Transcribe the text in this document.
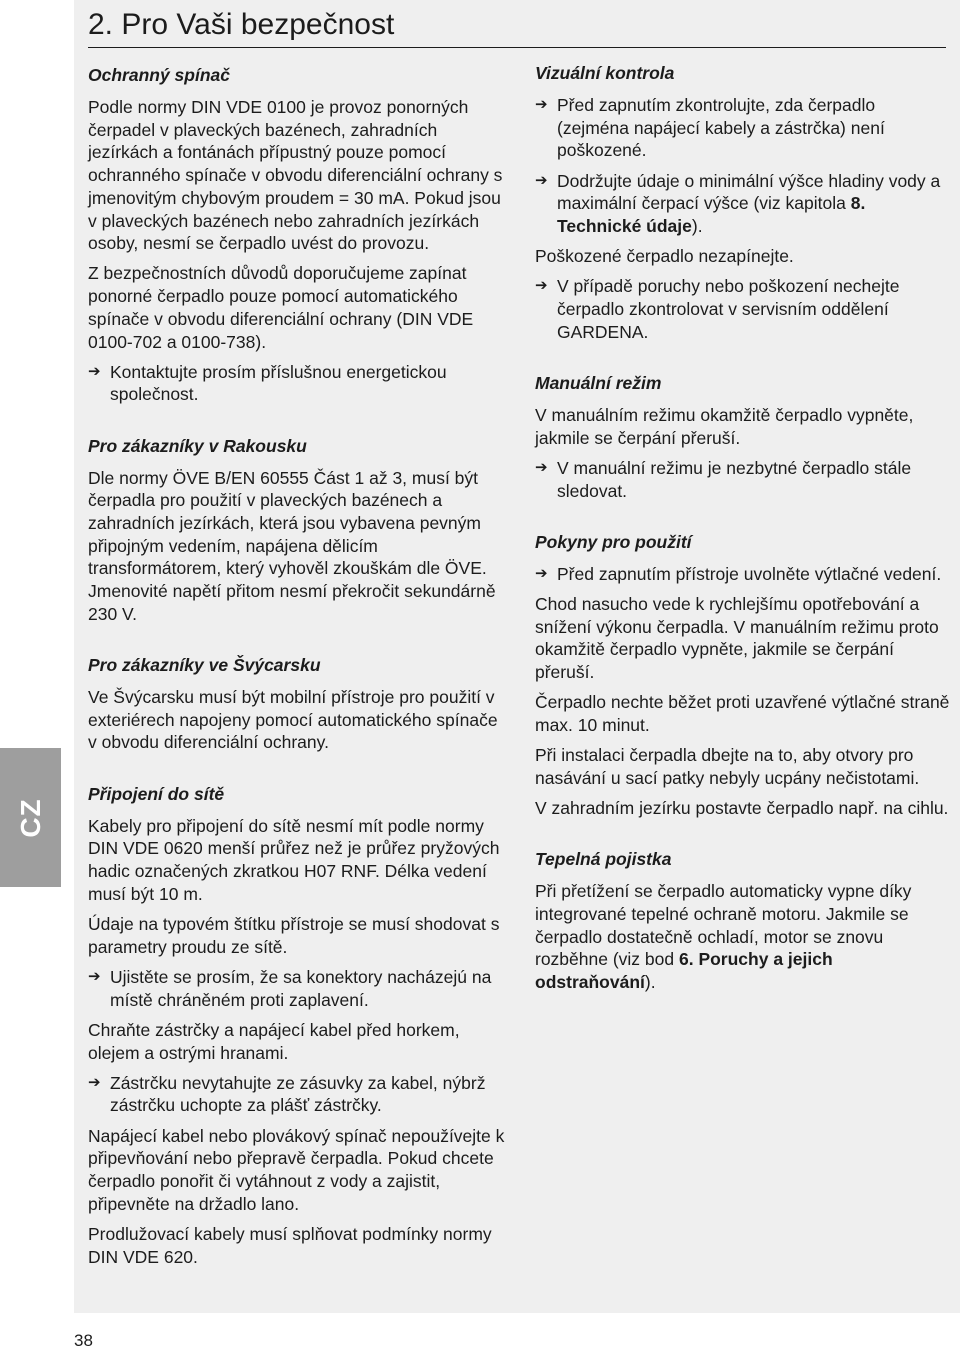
2. Pro Vaši bezpečnost
CZ
Ochranný spínač
Podle normy DIN VDE 0100 je provoz ponorných čerpadel v plaveckých bazénech, zahradních jezírkách a fontánách přípustný pouze pomocí ochranného spínače v obvodu diferenciální ochrany s jmenovitým chybovým proudem = 30 mA. Pokud jsou v plaveckých bazénech nebo zahradních jezírkách osoby, nesmí se čerpadlo uvést do provozu.
Z bezpečnostních důvodů doporučujeme zapínat ponorné čerpadlo pouze pomocí automatického spínače v obvodu diferenciální ochrany (DIN VDE 0100-702 a 0100-738).
➔ Kontaktujte prosím příslušnou energetickou společnost.
Pro zákazníky v Rakousku
Dle normy ÖVE B/EN 60555 Část 1 až 3, musí být čerpadla pro použití v plaveckých bazénech a zahradních jezírkách, která jsou vybavena pevným připojným vedením, napájena dělicím transformátorem, který vyhověl zkouškám dle ÖVE. Jmenovité napětí přitom nesmí překročit sekundárně 230 V.
Pro zákazníky ve Švýcarsku
Ve Švýcarsku musí být mobilní přístroje pro použití v exteriérech napojeny pomocí automatického spínače v obvodu diferenciální ochrany.
Připojení do sítě
Kabely pro připojení do sítě nesmí mít podle normy DIN VDE 0620 menší průřez než je průřez pryžových hadic označených zkratkou H07 RNF. Délka vedení musí být 10 m.
Údaje na typovém štítku přístroje se musí shodovat s parametry proudu ze sítě.
➔ Ujistěte se prosím, že sa konektory nacházejú na místě chráněném proti zaplavení.
Chraňte zástrčky a napájecí kabel před horkem, olejem a ostrými hranami.
➔ Zástrčku nevytahujte ze zásuvky za kabel, nýbrž zástrčku uchopte za plášť zástrčky.
Napájecí kabel nebo plovákový spínač nepoužívejte k připevňování nebo přepravě čerpadla. Pokud chcete čerpadlo ponořit či vytáhnout z vody a zajistit, připevněte na držadlo lano.
Prodlužovací kabely musí splňovat podmínky normy DIN VDE 620.
Vizuální kontrola
➔ Před zapnutím zkontrolujte, zda čerpadlo (zejména napájecí kabely a zástrčka) není poškozené.
➔ Dodržujte údaje o minimální výšce hladiny vody a maximální čerpací výšce (viz kapitola 8. Technické údaje).
Poškozené čerpadlo nezapínejte.
➔ V případě poruchy nebo poškození nechejte čerpadlo zkontrolovat v servisním oddělení GARDENA.
Manuální režim
V manuálním režimu okamžitě čerpadlo vypněte, jakmile se čerpání přeruší.
➔ V manuální režimu je nezbytné čerpadlo stále sledovat.
Pokyny pro použití
➔ Před zapnutím přístroje uvolněte výtlačné vedení.
Chod nasucho vede k rychlejšímu opotřebování a snížení výkonu čerpadla. V manuálním režimu proto okamžitě čerpadlo vypněte, jakmile se čerpání přeruší.
Čerpadlo nechte běžet proti uzavřené výtlačné straně max. 10 minut.
Při instalaci čerpadla dbejte na to, aby otvory pro nasávání u sací patky nebyly ucpány nečistotami.
V zahradním jezírku postavte čerpadlo např. na cihlu.
Tepelná pojistka
Při přetížení se čerpadlo automaticky vypne díky integrované tepelné ochraně motoru. Jakmile se čerpadlo dostatečně ochladí, motor se znovu rozběhne (viz bod 6. Poruchy a jejich odstraňování).
38
